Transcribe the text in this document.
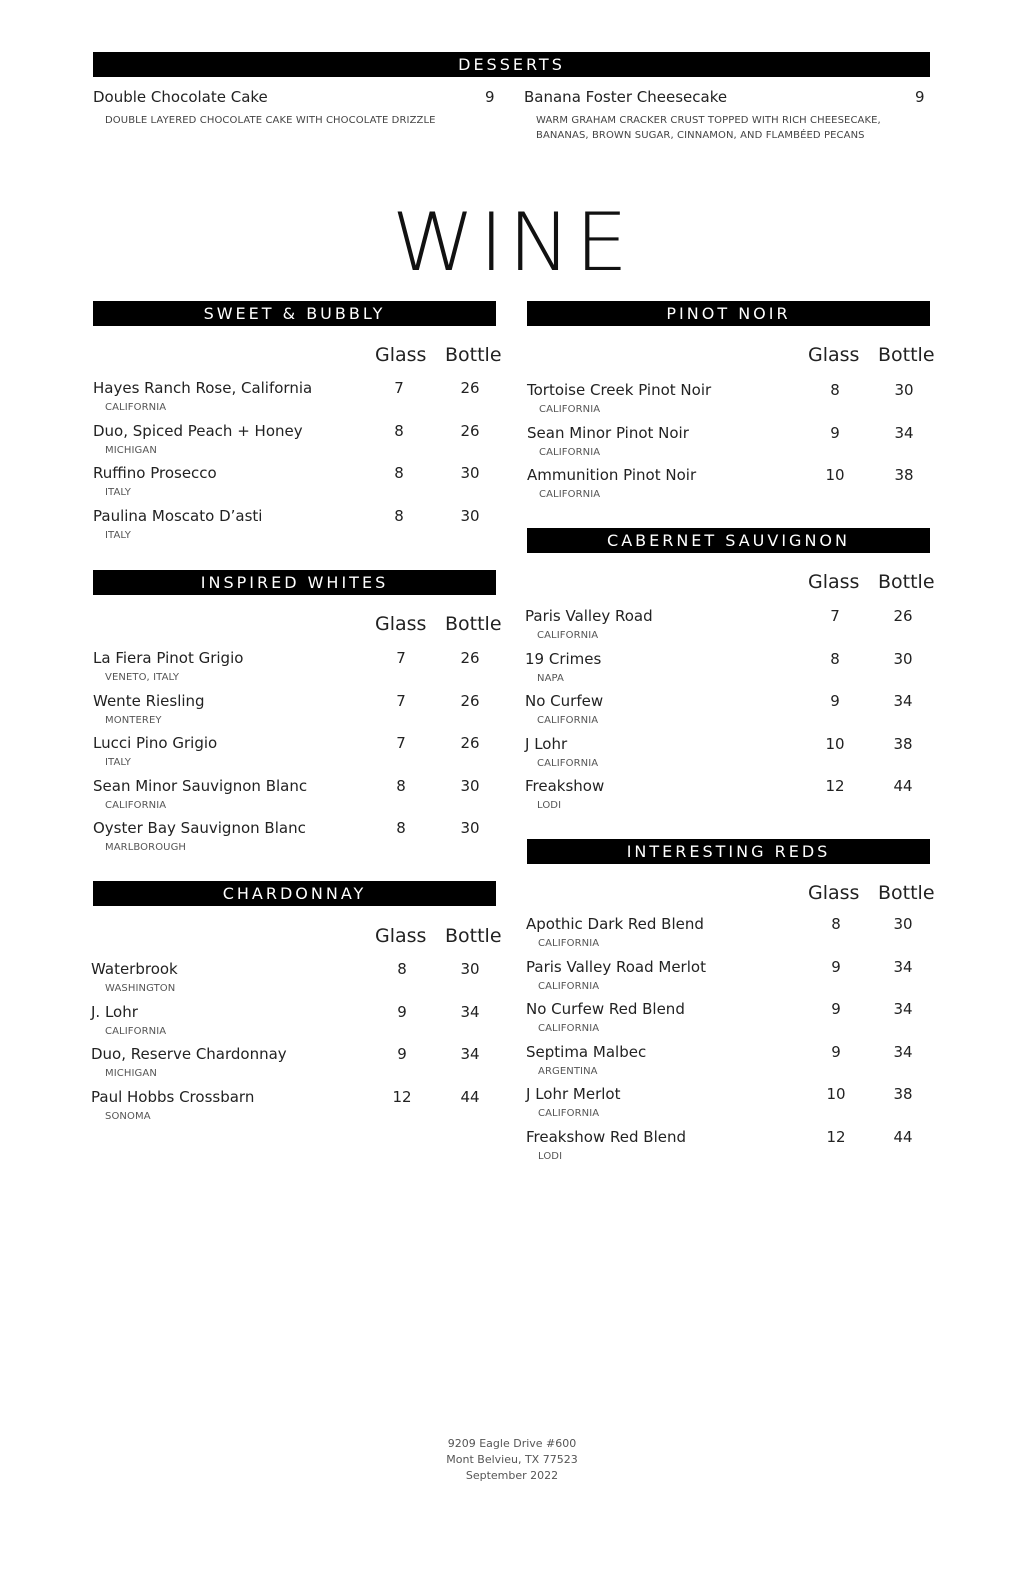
DESSERTS
Double Chocolate Cake	9
DOUBLE LAYERED CHOCOLATE CAKE WITH CHOCOLATE DRIZZLE
Banana Foster Cheesecake	9
WARM GRAHAM CRACKER CRUST TOPPED WITH RICH CHEESECAKE, BANANAS, BROWN SUGAR, CINNAMON, AND FLAMBÉED PECANS
WINE
SWEET & BUBBLY
Glass Bottle
Hayes Ranch Rose, California
CALIFORNIA
7	26
Duo, Spiced Peach + Honey
MICHIGAN
8	26
Ruffino Prosecco
ITALY
8	30
Paulina Moscato D’asti
ITALY
8	30
INSPIRED WHITES
Glass Bottle
La Fiera Pinot Grigio
VENETO, ITALY
7	26
Wente Riesling
MONTEREY
7	26
Lucci Pino Grigio
ITALY
7	26
Sean Minor Sauvignon Blanc
CALIFORNIA
8	30
Oyster Bay Sauvignon Blanc
MARLBOROUGH
8	30
CHARDONNAY
Glass Bottle
Waterbrook
WASHINGTON
8	30
J. Lohr
CALIFORNIA
9	34
Duo, Reserve Chardonnay
MICHIGAN
9	34
Paul Hobbs Crossbarn
SONOMA
12	44
PINOT NOIR
Glass Bottle
Tortoise Creek Pinot Noir
CALIFORNIA
8	30
Sean Minor Pinot Noir
CALIFORNIA
9	34
Ammunition Pinot Noir
CALIFORNIA
10	38
CABERNET SAUVIGNON
Glass Bottle
Paris Valley Road
CALIFORNIA
7	26
19 Crimes
NAPA
8	30
No Curfew
CALIFORNIA
9	34
J Lohr
CALIFORNIA
10	38
Freakshow
LODI
12	44
INTERESTING REDS
Glass Bottle
Apothic Dark Red Blend
CALIFORNIA
8	30
Paris Valley Road Merlot
CALIFORNIA
9	34
No Curfew Red Blend
CALIFORNIA
9	34
Septima Malbec
ARGENTINA
9	34
J Lohr Merlot
CALIFORNIA
10	38
Freakshow Red Blend
LODI
12	44
9209 Eagle Drive #600
Mont Belvieu, TX 77523
September 2022
